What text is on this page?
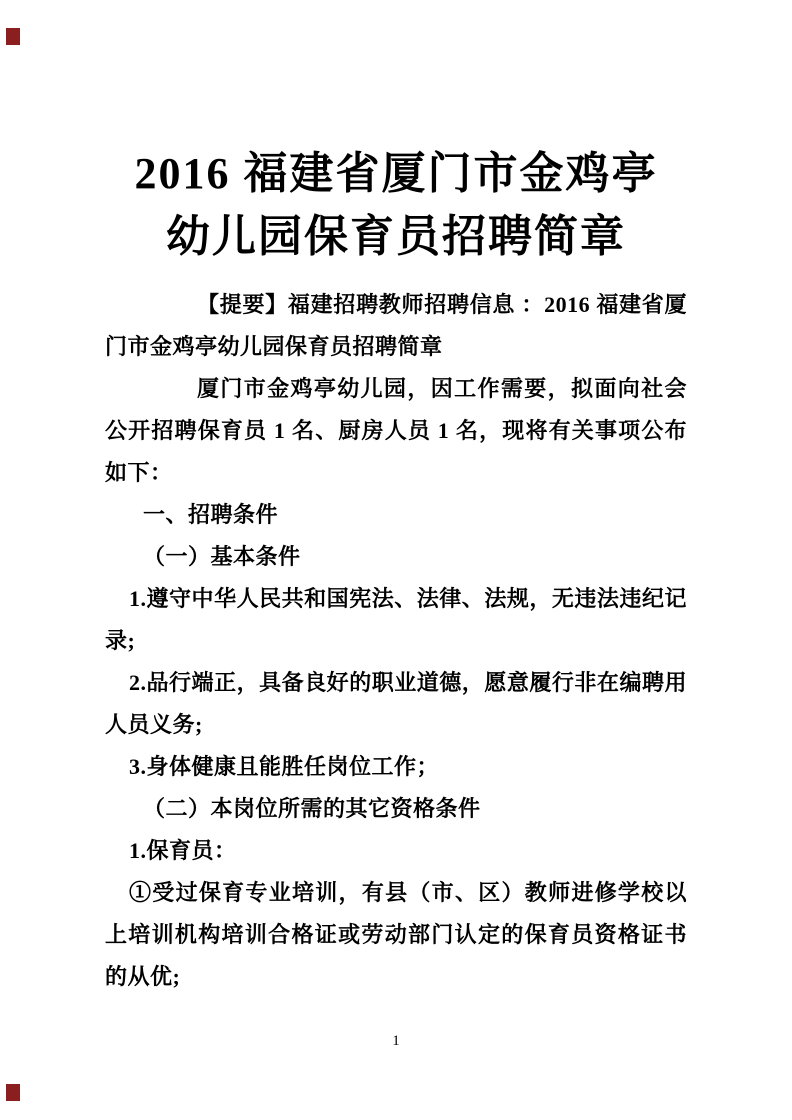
2016 福建省厦门市金鸡亭
幼儿园保育员招聘简章
【提要】福建招聘教师招聘信息 ：2016 福建省厦门市金鸡亭幼儿园保育员招聘简章
厦门市金鸡亭幼儿园，因工作需要，拟面向社会公开招聘保育员 1 名、厨房人员 1 名，现将有关事项公布如下：
一、招聘条件
（一）基本条件
1.遵守中华人民共和国宪法、法律、法规，无违法违纪记录;
2.品行端正，具备良好的职业道德，愿意履行非在编聘用人员义务;
3.身体健康且能胜任岗位工作；
（二）本岗位所需的其它资格条件
1.保育员：
①受过保育专业培训，有县（市、区）教师进修学校以上培训机构培训合格证或劳动部门认定的保育员资格证书的从优;
1
